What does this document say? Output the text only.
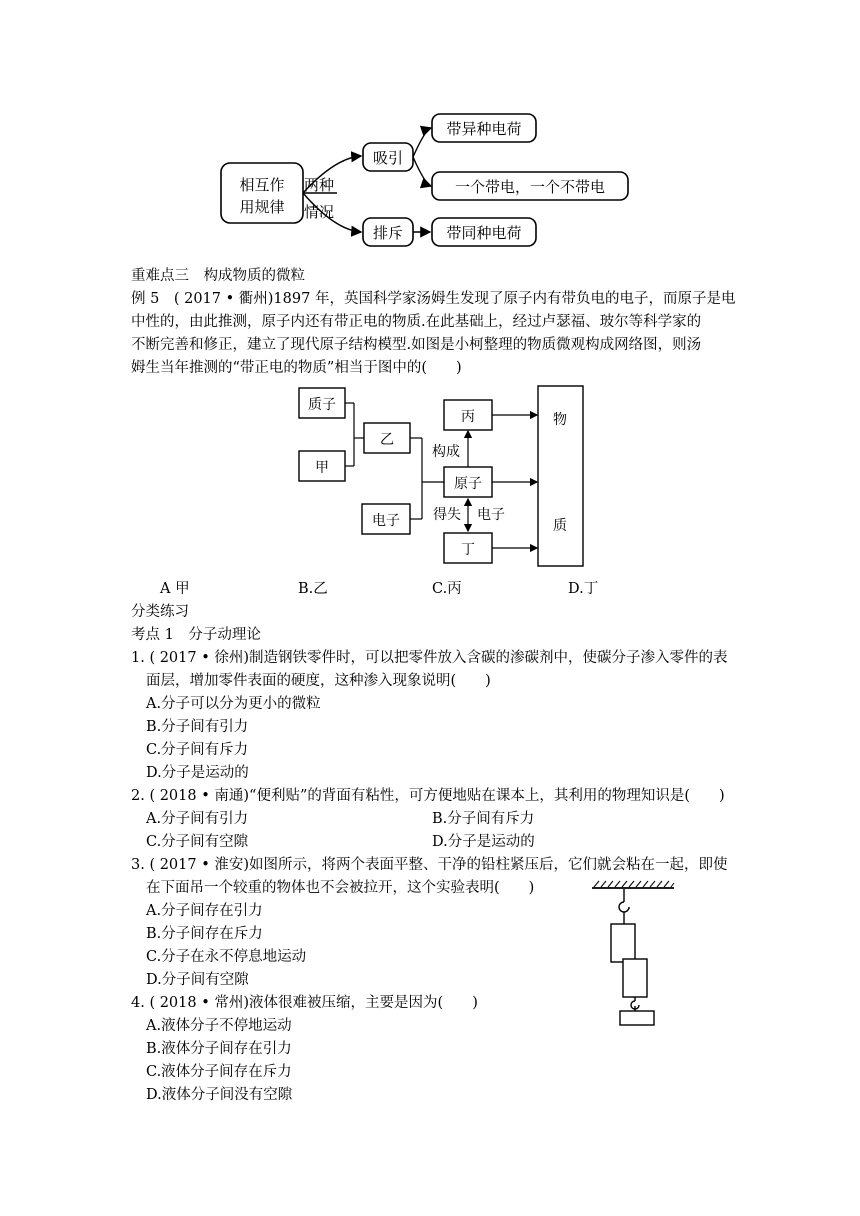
相互作
用规律
两种
情况
吸引
排斥
带异种电荷
一个带电，一个不带电
带同种电荷
重难点三　构成物质的微粒
例 5　( 2017 • 衢州)1897 年，英国科学家汤姆生发现了原子内有带负电的电子，而原子是电
中性的，由此推测，原子内还有带正电的物质.在此基础上，经过卢瑟福、玻尔等科学家的
不断完善和修正，建立了现代原子结构模型.如图是小柯整理的物质微观构成网络图，则汤
姆生当年推测的“带正电的物质”相当于图中的(　　)
质子
甲
乙
电子
丙
原子
丁
物
质
构成
得失 电子
A 甲	B.乙	C.丙	D.丁
分类练习
考点 1　分子动理论
1. ( 2017 • 徐州)制造钢铁零件时，可以把零件放入含碳的渗碳剂中，使碳分子渗入零件的表
面层，增加零件表面的硬度，这种渗入现象说明(　　)
A.分子可以分为更小的微粒
B.分子间有引力
C.分子间有斥力
D.分子是运动的
2. ( 2018 • 南通)“便利贴”的背面有粘性，可方便地贴在课本上，其利用的物理知识是(　　)
A.分子间有引力	B.分子间有斥力
C.分子间有空隙	D.分子是运动的
3. ( 2017 • 淮安)如图所示，将两个表面平整、干净的铅柱紧压后，它们就会粘在一起，即使
在下面吊一个较重的物体也不会被拉开，这个实验表明(　　)
A.分子间存在引力
B.分子间存在斥力
C.分子在永不停息地运动
D.分子间有空隙
4. ( 2018 • 常州)液体很难被压缩，主要是因为(　　)
A.液体分子不停地运动
B.液体分子间存在引力
C.液体分子间存在斥力
D.液体分子间没有空隙
